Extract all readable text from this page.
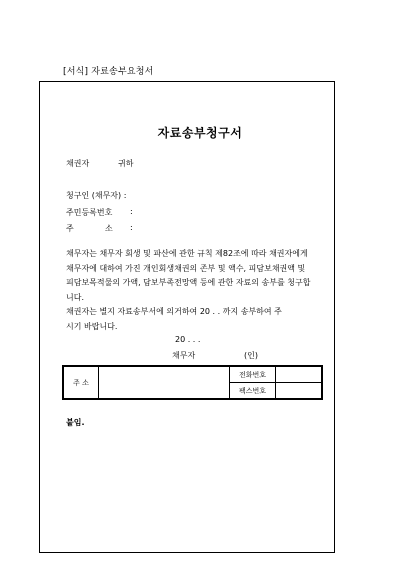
[서식] 자료송부요청서
자료송부청구서
채권자	귀하
청구인 (채무자) :
주민등록번호 :
주	소 :

채무자는 채무자 회생 및 파산에 관한 규칙 제82조에 따라 채권자에게

채무자에 대하여 가진 개인회생채권의 존부 및 액수, 피담보채권액 및

피담보목적물의 가액, 담보부족전망액 등에 관한 자료의 송부를 청구합

니다.

채권자는 별지 자료송부서에 의거하여 20 . . 까지 송부하여 주

시기 바랍니다.

20 . . .
채무자	(인)
주 소		전화번호	
		팩스번호	
붙임.
